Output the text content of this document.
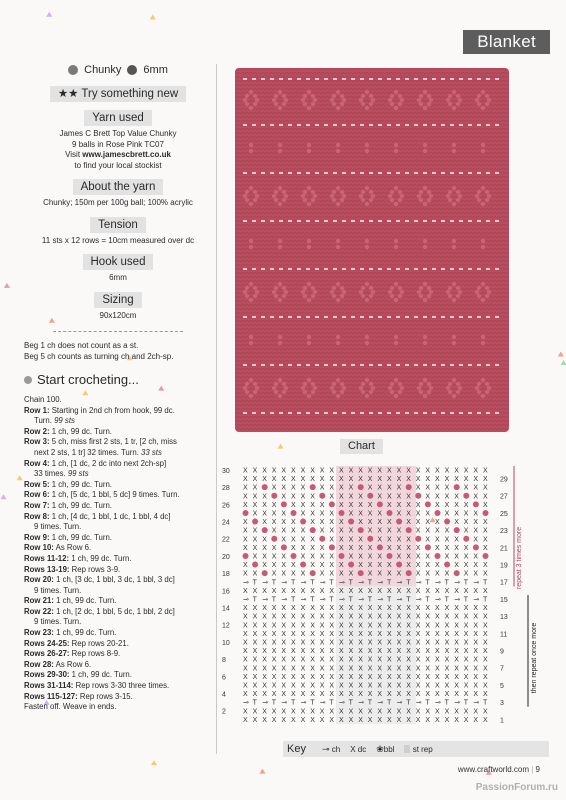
Blanket
Chunky 6mm
★★ Try something new
Yarn used
James C Brett Top Value Chunky
9 balls in Rose Pink TC07
Visit www.jamescbrett.co.uk
to find your local stockist
About the yarn
Chunky; 150m per 100g ball; 100% acrylic
Tension
11 sts x 12 rows = 10cm measured over dc
Hook used
6mm
Sizing
90x120cm
Beg 1 ch does not count as a st.
Beg 5 ch counts as turning ch and 2ch-sp.
Start crocheting...
Chain 100.
Row 1: Starting in 2nd ch from hook, 99 dc.
Turn. 99 sts
Row 2: 1 ch, 99 dc. Turn.
Row 3: 5 ch, miss first 2 sts, 1 tr, [2 ch, miss
next 2 sts, 1 tr] 32 times. Turn. 33 sts
Row 4: 1 ch, [1 dc, 2 dc into next 2ch-sp]
33 times. 99 sts
Row 5: 1 ch, 99 dc. Turn.
Row 6: 1 ch, [5 dc, 1 bbl, 5 dc] 9 times. Turn.
Row 7: 1 ch, 99 dc. Turn.
Row 8: 1 ch, [4 dc, 1 bbl, 1 dc, 1 bbl, 4 dc]
9 times. Turn.
Row 9: 1 ch, 99 dc. Turn.
Row 10: As Row 6.
Rows 11-12: 1 ch, 99 dc. Turn.
Rows 13-19: Rep rows 3-9.
Row 20: 1 ch, [3 dc, 1 bbl, 3 dc, 1 bbl, 3 dc]
9 times. Turn.
Row 21: 1 ch, 99 dc. Turn.
Row 22: 1 ch, [2 dc, 1 bbl, 5 dc, 1 bbl, 2 dc]
9 times. Turn.
Row 23: 1 ch, 99 dc. Turn.
Rows 24-25: Rep rows 20-21.
Rows 26-27: Rep rows 8-9.
Row 28: As Row 6.
Rows 29-30: 1 ch, 99 dc. Turn.
Rows 31-114: Rep rows 3-30 three times.
Rows 115-127: Rep rows 3-15.
Fasten off. Weave in ends.
Chart
X X X X X X X X X X X X X X X X X X X X X X X X X X
X X X X X X X X X X X X X X X X X X X X X X X X X X
X X X X X X X X X X X X X X X X X X X X X
X X X X X X X X X X X X X X X X X X X X X
X X X X X X X X X X X X X X X X X X X X X
X X X X X X X X X X X X X X X X X X X X
X X X X X X X X X X X X X X X X X X X X X
X X X X X X X X X X X X X X X X X X X X X
X X X X X X X X X X X X X X X X X X X X X
X X X X X X X X X X X X X X X X X X X X X
X X X X X X X X X X X X X X X X X X X X
X X X X X X X X X X X X X X X X X X X X X
X X X X X X X X X X X X X X X X X X X X X
⊸ T ⊸ T ⊸ T ⊸ T ⊸ T ⊸ T ⊸ T ⊸ T ⊸ T ⊸ T ⊸ T ⊸ T ⊸ T
X X X X X X X X X X X X X X X X X X X X X X X X X X
⊸ T ⊸ T ⊸ T ⊸ T ⊸ T ⊸ T ⊸ T ⊸ T ⊸ T ⊸ T ⊸ T ⊸ T ⊸ T
X X X X X X X X X X X X X X X X X X X X X X X X X X
X X X X X X X X X X X X X X X X X X X X X X X X X X
X X X X X X X X X X X X X X X X X X X X X X X X X X
X X X X X X X X X X X X X X X X X X X X X X X X X X
X X X X X X X X X X X X X X X X X X X X X X X X X X
X X X X X X X X X X X X X X X X X X X X X X X X X X
X X X X X X X X X X X X X X X X X X X X X X X X X X
X X X X X X X X X X X X X X X X X X X X X X X X X X
X X X X X X X X X X X X X X X X X X X X X X X X X X
X X X X X X X X X X X X X X X X X X X X X X X X X X
X X X X X X X X X X X X X X X X X X X X X X X X X X
⊸ T ⊸ T ⊸ T ⊸ T ⊸ T ⊸ T ⊸ T ⊸ T ⊸ T ⊸ T ⊸ T ⊸ T ⊸ T
X X X X X X X X X X X X X X X X X X X X X X X X X X
X X X X X X X X X X X X X X X X X X X X X X X X X X
30
28
26
24
22
20
18
16
14
12
10
8
6
4
2
29
27
25
23
21
19
17
15
13
11
9
7
5
3
1
repeat 3 times more
then repeat once more
Key ⊸ ch X dc ❀bbl	st rep
www.craftworld.com | 9
PassionForum.ru
